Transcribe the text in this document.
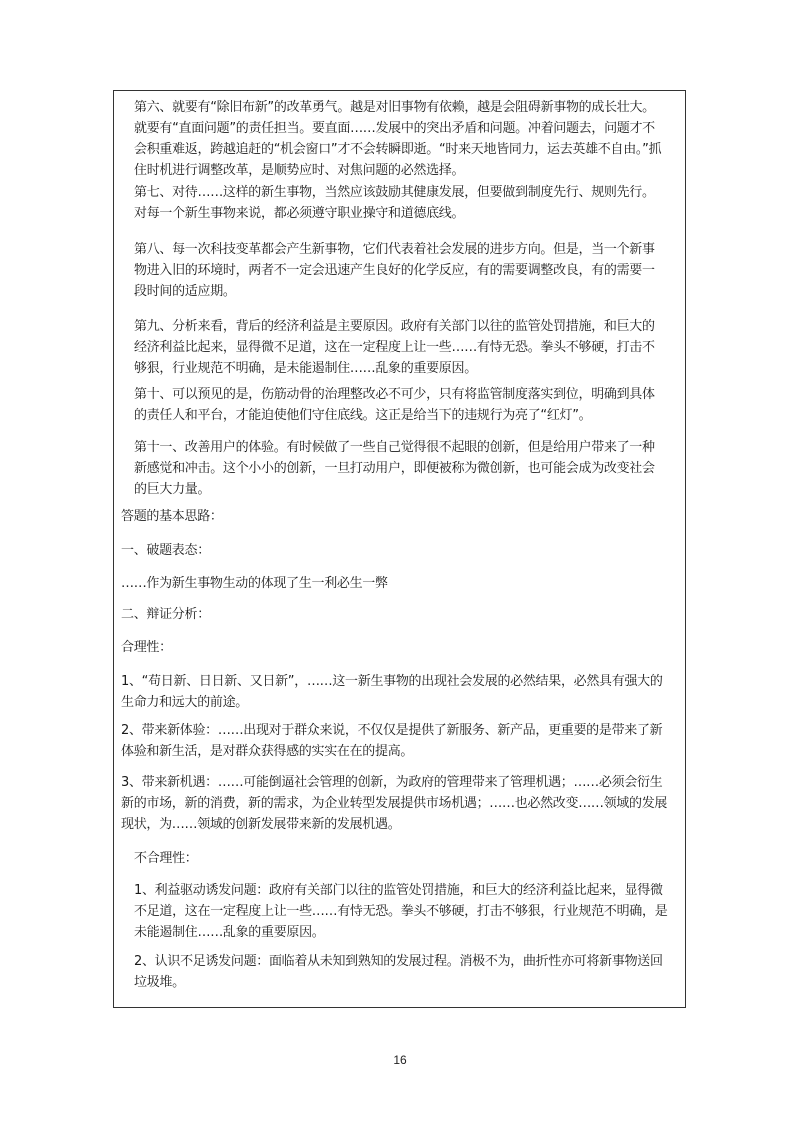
第六、就要有“除旧布新”的改革勇气。越是对旧事物有依赖，越是会阻碍新事物的成长壮大。就要有“直面问题”的责任担当。要直面……发展中的突出矛盾和问题。冲着问题去，问题才不会积重难返，跨越追赶的“机会窗口”才不会转瞬即逝。“时来天地皆同力，运去英雄不自由。”抓住时机进行调整改革，是顺势应时、对焦问题的必然选择。

第七、对待……这样的新生事物，当然应该鼓励其健康发展，但要做到制度先行、规则先行。对每一个新生事物来说，都必须遵守职业操守和道德底线。

第八、每一次科技变革都会产生新事物，它们代表着社会发展的进步方向。但是，当一个新事物进入旧的环境时，两者不一定会迅速产生良好的化学反应，有的需要调整改良，有的需要一段时间的适应期。

第九、分析来看，背后的经济利益是主要原因。政府有关部门以往的监管处罚措施，和巨大的经济利益比起来，显得微不足道，这在一定程度上让一些……有恃无恐。拳头不够硬，打击不够狠，行业规范不明确，是未能遏制住……乱象的重要原因。

第十、可以预见的是，伤筋动骨的治理整改必不可少，只有将监管制度落实到位，明确到具体的责任人和平台，才能迫使他们守住底线。这正是给当下的违规行为亮了“红灯”。

第十一、改善用户的体验。有时候做了一些自己觉得很不起眼的创新，但是给用户带来了一种新感觉和冲击。这个小小的创新，一旦打动用户，即便被称为微创新，也可能会成为改变社会的巨大力量。

答题的基本思路：

一、破题表态：

……作为新生事物生动的体现了生一利必生一弊

二、辩证分析：

合理性：

1、“苟日新、日日新、又日新”，……这一新生事物的出现社会发展的必然结果，必然具有强大的生命力和远大的前途。

2、带来新体验：……出现对于群众来说，不仅仅是提供了新服务、新产品，更重要的是带来了新体验和新生活，是对群众获得感的实实在在的提高。

3、带来新机遇：……可能倒逼社会管理的创新，为政府的管理带来了管理机遇；……必须会衍生新的市场，新的消费，新的需求，为企业转型发展提供市场机遇；……也必然改变……领域的发展现状，为……领域的创新发展带来新的发展机遇。

不合理性：

1、利益驱动诱发问题：政府有关部门以往的监管处罚措施，和巨大的经济利益比起来，显得微不足道，这在一定程度上让一些……有恃无恐。拳头不够硬，打击不够狠，行业规范不明确，是未能遏制住……乱象的重要原因。

2、认识不足诱发问题：面临着从未知到熟知的发展过程。消极不为，曲折性亦可将新事物送回垃圾堆。

16
